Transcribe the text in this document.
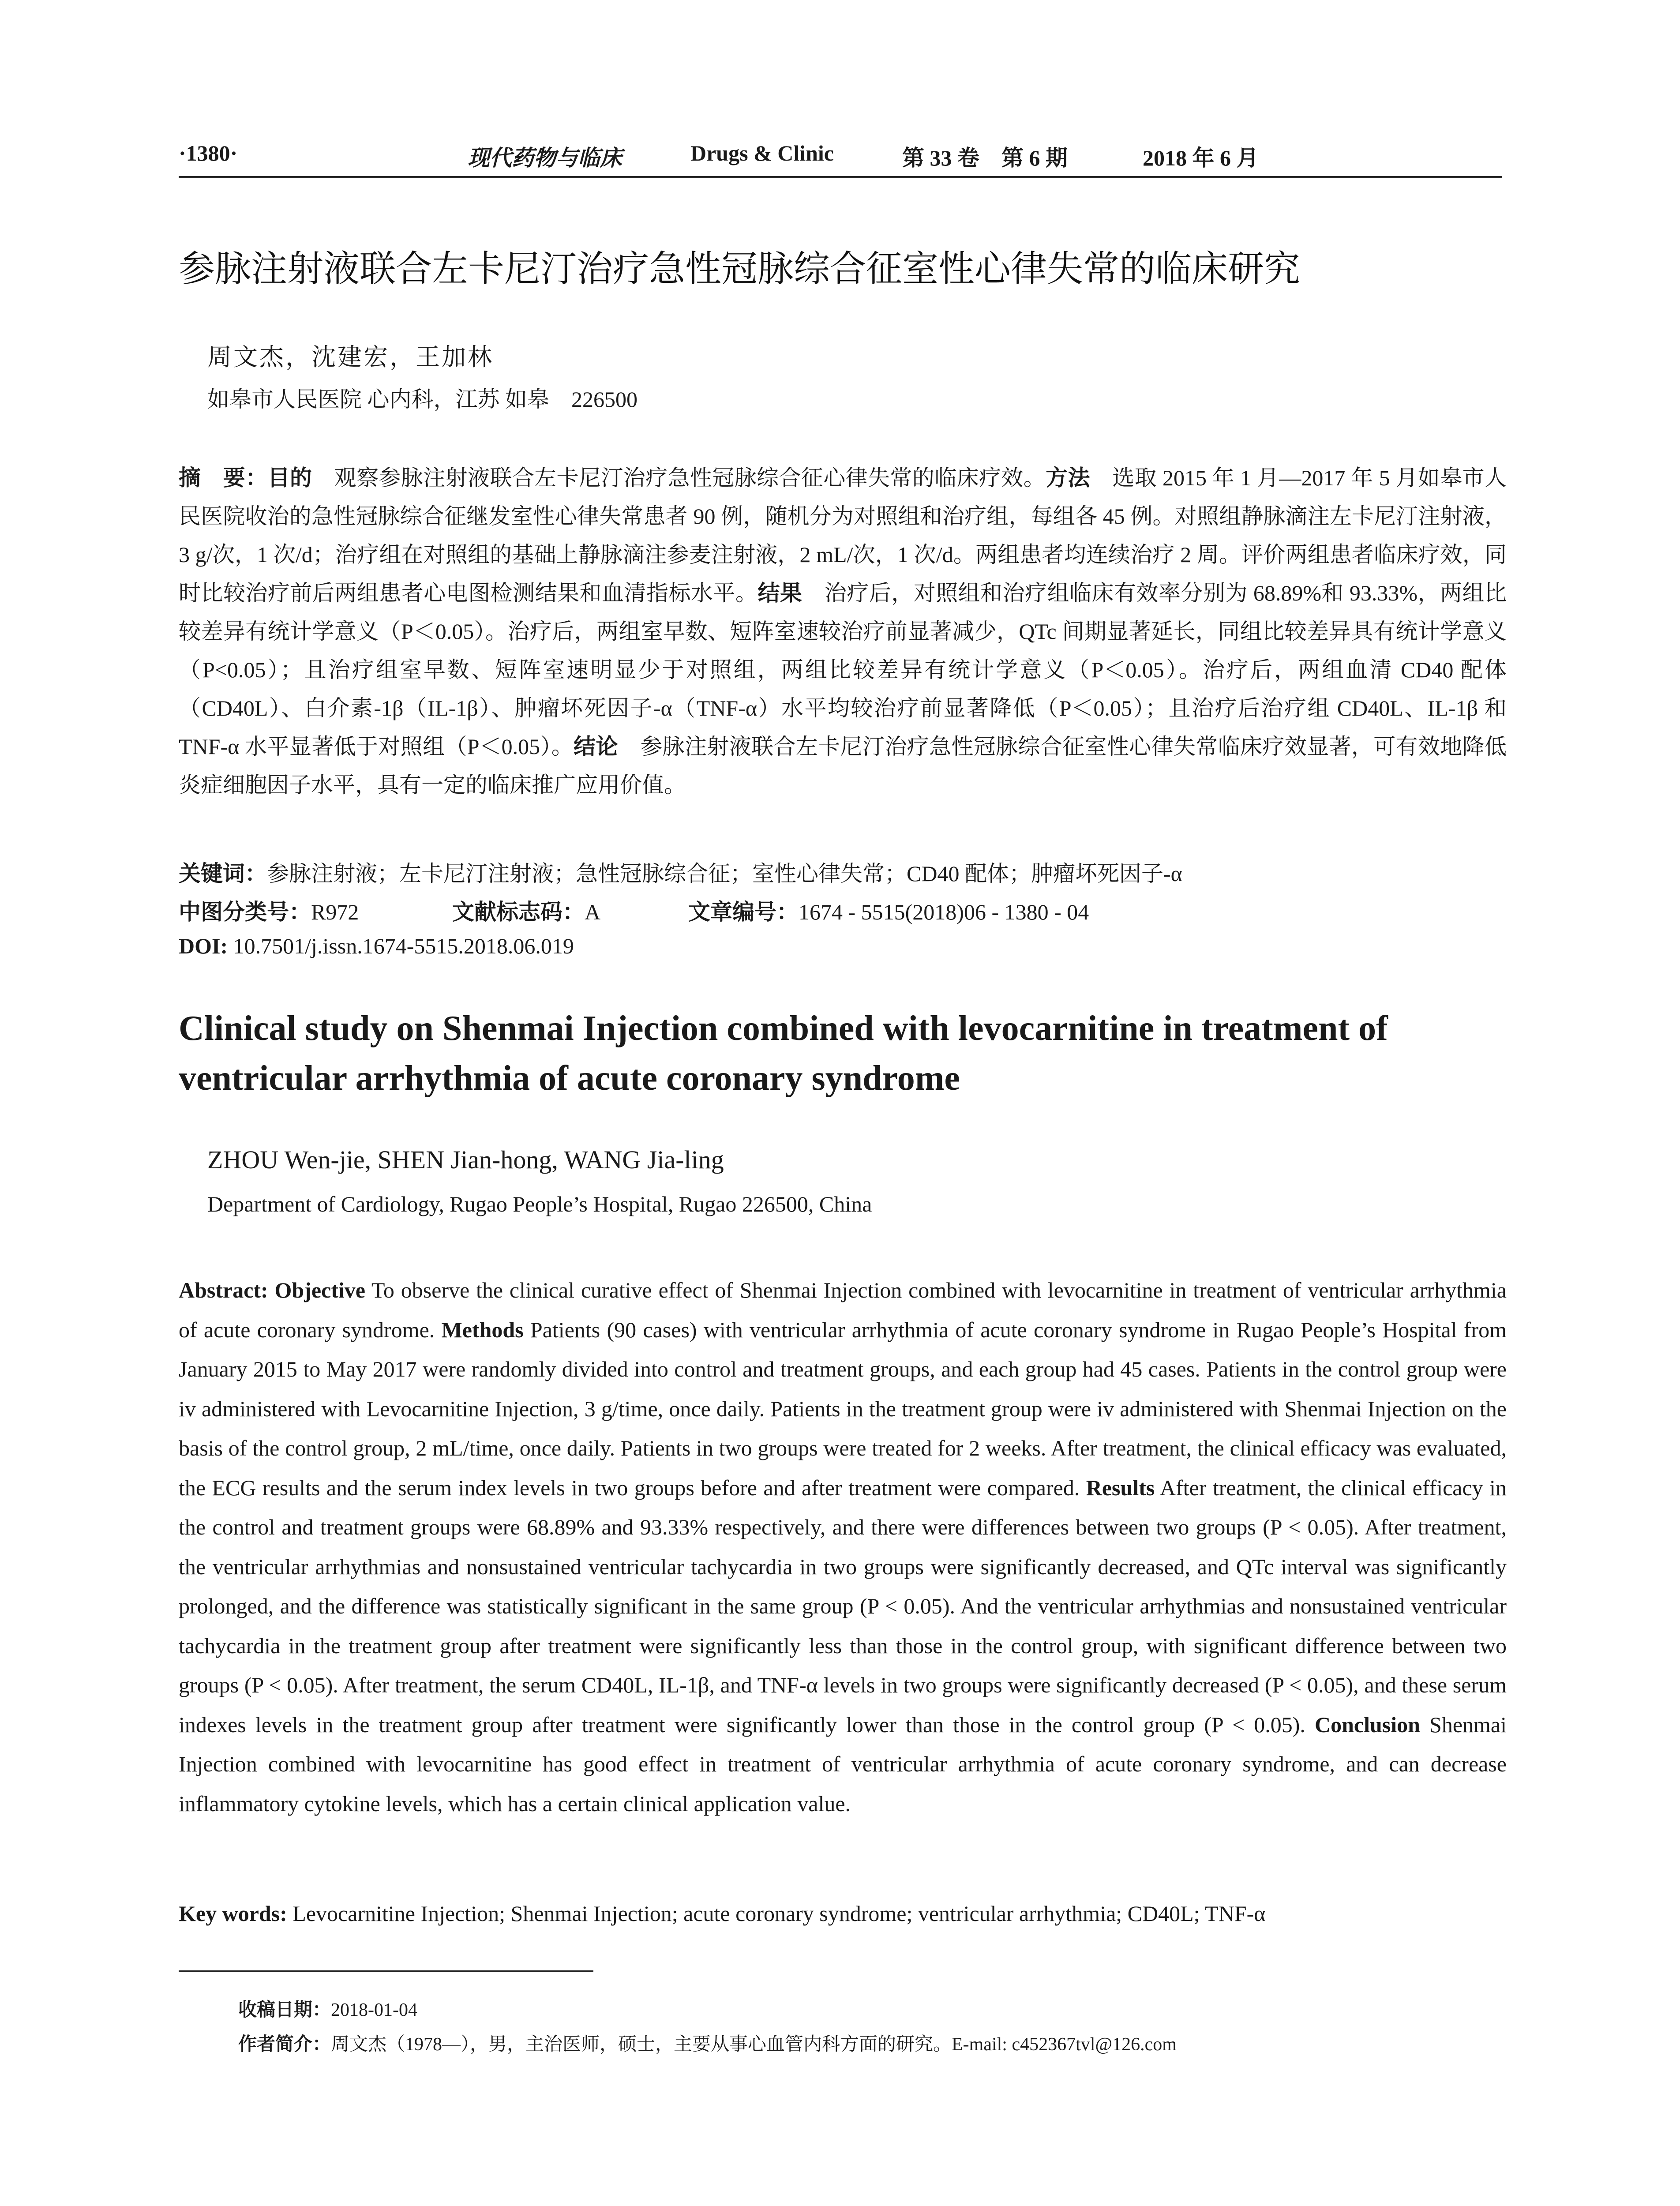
·1380·	现代药物与临床	Drugs & Clinic	第 33 卷　第 6 期	2018 年 6 月
参脉注射液联合左卡尼汀治疗急性冠脉综合征室性心律失常的临床研究
周文杰，沈建宏，王加林
如皋市人民医院 心内科，江苏 如皋　226500
摘　要：目的　观察参脉注射液联合左卡尼汀治疗急性冠脉综合征心律失常的临床疗效。方法　选取 2015 年 1 月—2017 年 5 月如皋市人民医院收治的急性冠脉综合征继发室性心律失常患者 90 例，随机分为对照组和治疗组，每组各 45 例。对照组静脉滴注左卡尼汀注射液，3 g/次，1 次/d；治疗组在对照组的基础上静脉滴注参麦注射液，2 mL/次，1 次/d。两组患者均连续治疗 2 周。评价两组患者临床疗效，同时比较治疗前后两组患者心电图检测结果和血清指标水平。结果　治疗后，对照组和治疗组临床有效率分别为 68.89%和 93.33%，两组比较差异有统计学意义（P＜0.05）。治疗后，两组室早数、短阵室速较治疗前显著减少，QTc 间期显著延长，同组比较差异具有统计学意义（P<0.05）；且治疗组室早数、短阵室速明显少于对照组，两组比较差异有统计学意义（P＜0.05）。治疗后，两组血清 CD40 配体（CD40L）、白介素-1β（IL-1β）、肿瘤坏死因子-α（TNF-α）水平均较治疗前显著降低（P＜0.05）；且治疗后治疗组 CD40L、IL-1β 和 TNF-α 水平显著低于对照组（P＜0.05）。结论　参脉注射液联合左卡尼汀治疗急性冠脉综合征室性心律失常临床疗效显著，可有效地降低炎症细胞因子水平，具有一定的临床推广应用价值。
关键词：参脉注射液；左卡尼汀注射液；急性冠脉综合征；室性心律失常；CD40 配体；肿瘤坏死因子-α
中图分类号：R972	文献标志码：A	文章编号：1674 - 5515(2018)06 - 1380 - 04
DOI: 10.7501/j.issn.1674-5515.2018.06.019
Clinical study on Shenmai Injection combined with levocarnitine in treatment of ventricular arrhythmia of acute coronary syndrome
ZHOU Wen-jie, SHEN Jian-hong, WANG Jia-ling
Department of Cardiology, Rugao People’s Hospital, Rugao 226500, China
Abstract: Objective To observe the clinical curative effect of Shenmai Injection combined with levocarnitine in treatment of ventricular arrhythmia of acute coronary syndrome. Methods Patients (90 cases) with ventricular arrhythmia of acute coronary syndrome in Rugao People’s Hospital from January 2015 to May 2017 were randomly divided into control and treatment groups, and each group had 45 cases. Patients in the control group were iv administered with Levocarnitine Injection, 3 g/time, once daily. Patients in the treatment group were iv administered with Shenmai Injection on the basis of the control group, 2 mL/time, once daily. Patients in two groups were treated for 2 weeks. After treatment, the clinical efficacy was evaluated, the ECG results and the serum index levels in two groups before and after treatment were compared. Results After treatment, the clinical efficacy in the control and treatment groups were 68.89% and 93.33% respectively, and there were differences between two groups (P < 0.05). After treatment, the ventricular arrhythmias and nonsustained ventricular tachycardia in two groups were significantly decreased, and QTc interval was significantly prolonged, and the difference was statistically significant in the same group (P < 0.05). And the ventricular arrhythmias and nonsustained ventricular tachycardia in the treatment group after treatment were significantly less than those in the control group, with significant difference between two groups (P < 0.05). After treatment, the serum CD40L, IL-1β, and TNF-α levels in two groups were significantly decreased (P < 0.05), and these serum indexes levels in the treatment group after treatment were significantly lower than those in the control group (P < 0.05). Conclusion Shenmai Injection combined with levocarnitine has good effect in treatment of ventricular arrhythmia of acute coronary syndrome, and can decrease inflammatory cytokine levels, which has a certain clinical application value.
Key words: Levocarnitine Injection; Shenmai Injection; acute coronary syndrome; ventricular arrhythmia; CD40L; TNF-α
收稿日期：2018-01-04
作者简介：周文杰（1978—），男，主治医师，硕士，主要从事心血管内科方面的研究。E-mail: c452367tvl@126.com
